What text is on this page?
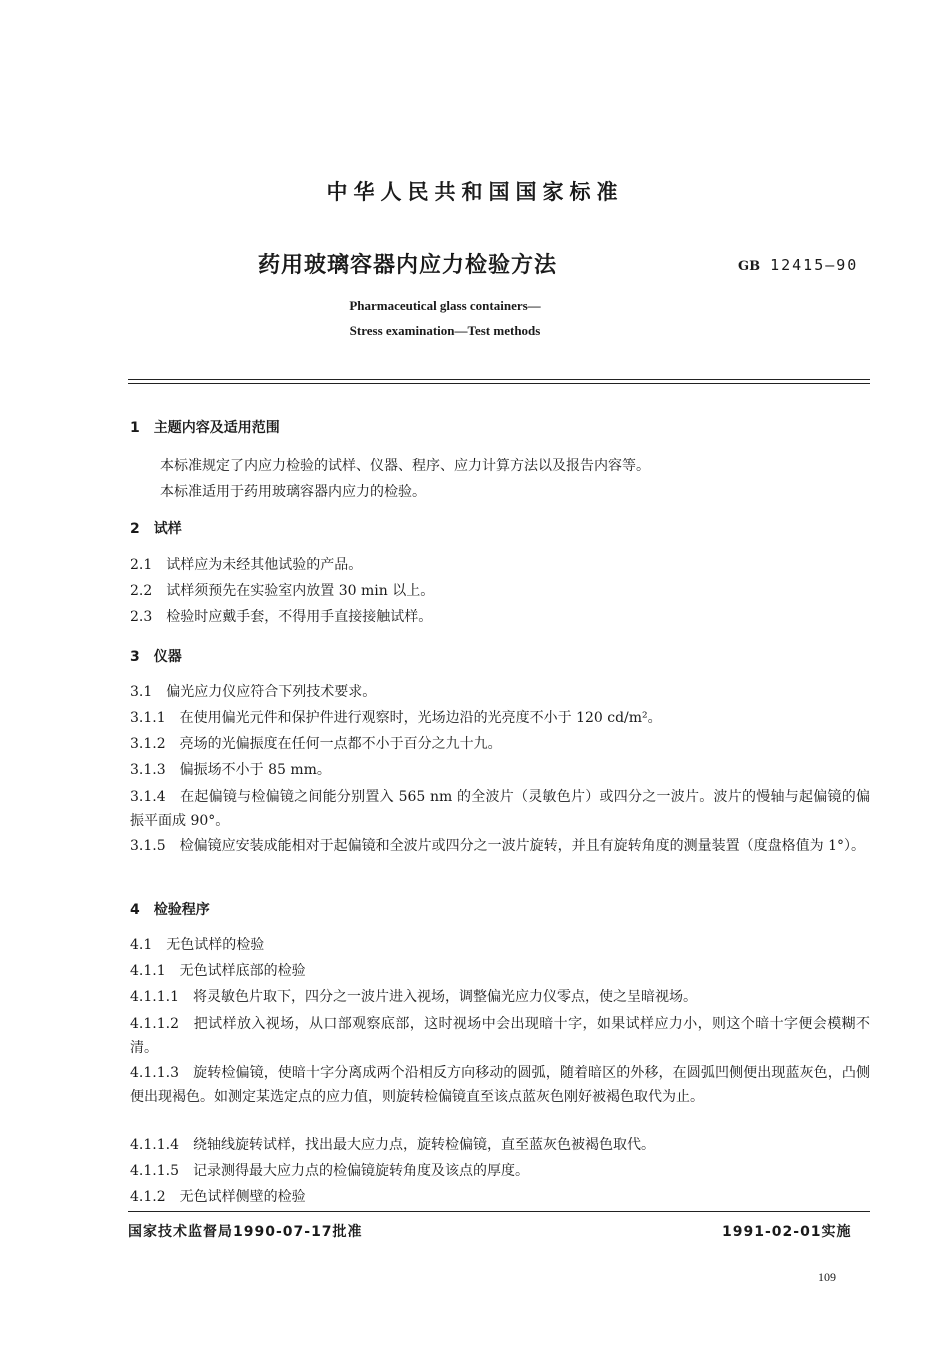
中华人民共和国国家标准
药用玻璃容器内应力检验方法	GB 12415—90
Pharmaceutical glass containers—
Stress examination—Test methods
1　主题内容及适用范围
本标准规定了内应力检验的试样、仪器、程序、应力计算方法以及报告内容等。
本标准适用于药用玻璃容器内应力的检验。
2　试样
2.1　试样应为未经其他试验的产品。
2.2　试样须预先在实验室内放置 30 min 以上。
2.3　检验时应戴手套，不得用手直接接触试样。
3　仪器
3.1　偏光应力仪应符合下列技术要求。
3.1.1　在使用偏光元件和保护件进行观察时，光场边沿的光亮度不小于 120 cd/m²。
3.1.2　亮场的光偏振度在任何一点都不小于百分之九十九。
3.1.3　偏振场不小于 85 mm。
3.1.4　在起偏镜与检偏镜之间能分别置入 565 nm 的全波片（灵敏色片）或四分之一波片。波片的慢轴与起偏镜的偏振平面成 90°。
3.1.5　检偏镜应安装成能相对于起偏镜和全波片或四分之一波片旋转，并且有旋转角度的测量装置（度盘格值为 1°）。
4　检验程序
4.1　无色试样的检验
4.1.1　无色试样底部的检验
4.1.1.1　将灵敏色片取下，四分之一波片进入视场，调整偏光应力仪零点，使之呈暗视场。
4.1.1.2　把试样放入视场，从口部观察底部，这时视场中会出现暗十字，如果试样应力小，则这个暗十字便会模糊不清。
4.1.1.3　旋转检偏镜，使暗十字分离成两个沿相反方向移动的圆弧，随着暗区的外移，在圆弧凹侧便出现蓝灰色，凸侧便出现褐色。如测定某选定点的应力值，则旋转检偏镜直至该点蓝灰色刚好被褐色取代为止。
4.1.1.4　绕轴线旋转试样，找出最大应力点，旋转检偏镜，直至蓝灰色被褐色取代。
4.1.1.5　记录测得最大应力点的检偏镜旋转角度及该点的厚度。
4.1.2　无色试样侧壁的检验
国家技术监督局1990-07-17批准	1991-02-01实施
109
